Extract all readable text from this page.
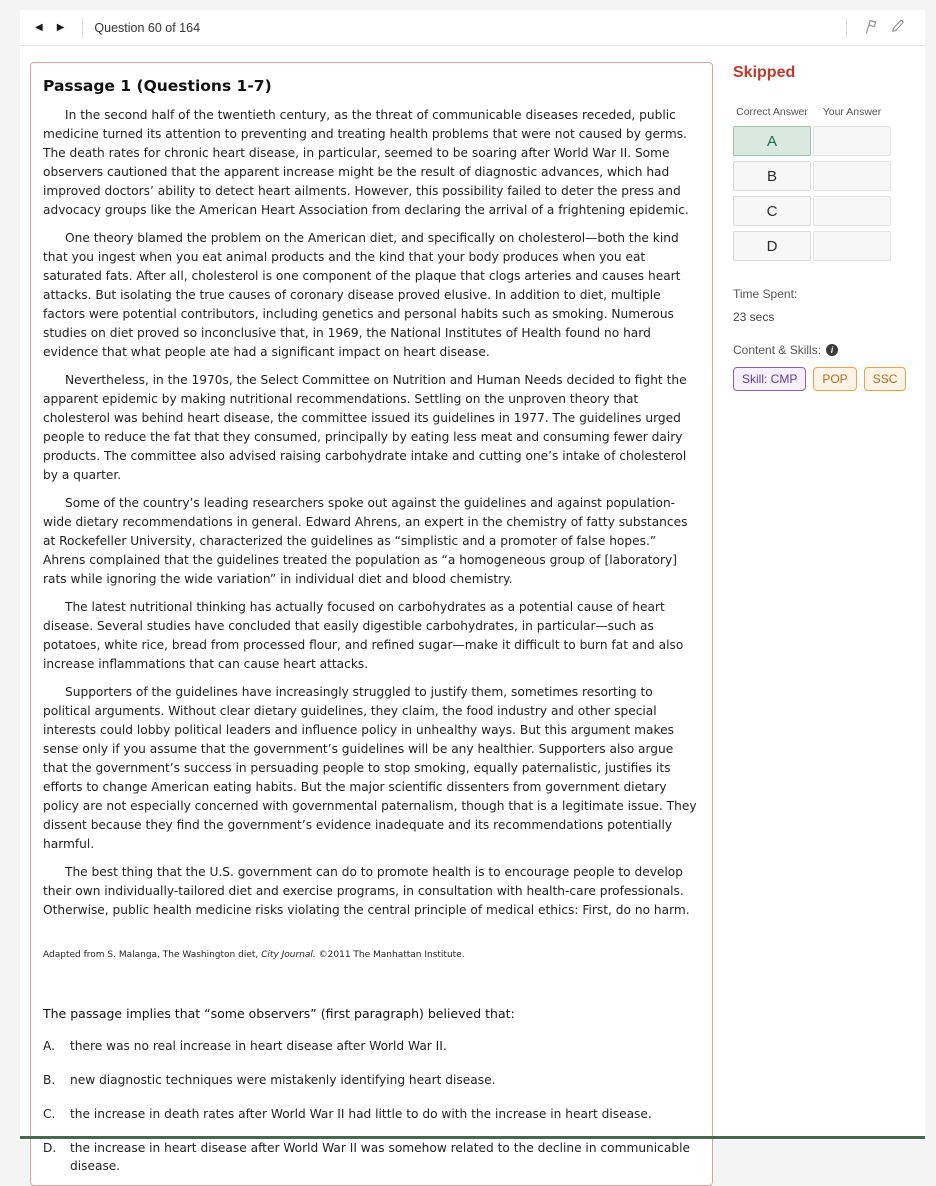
◀	▶	Question 60 of 164
Passage 1 (Questions 1-7)

In the second half of the twentieth century, as the threat of communicable diseases receded, public medicine turned its attention to preventing and treating health problems that were not caused by germs. The death rates for chronic heart disease, in particular, seemed to be soaring after World War II. Some observers cautioned that the apparent increase might be the result of diagnostic advances, which had improved doctors’ ability to detect heart ailments. However, this possibility failed to deter the press and advocacy groups like the American Heart Association from declaring the arrival of a frightening epidemic.

One theory blamed the problem on the American diet, and specifically on cholesterol—both the kind that you ingest when you eat animal products and the kind that your body produces when you eat saturated fats. After all, cholesterol is one component of the plaque that clogs arteries and causes heart attacks. But isolating the true causes of coronary disease proved elusive. In addition to diet, multiple factors were potential contributors, including genetics and personal habits such as smoking. Numerous studies on diet proved so inconclusive that, in 1969, the National Institutes of Health found no hard evidence that what people ate had a significant impact on heart disease.

Nevertheless, in the 1970s, the Select Committee on Nutrition and Human Needs decided to fight the apparent epidemic by making nutritional recommendations. Settling on the unproven theory that cholesterol was behind heart disease, the committee issued its guidelines in 1977. The guidelines urged people to reduce the fat that they consumed, principally by eating less meat and consuming fewer dairy products. The committee also advised raising carbohydrate intake and cutting one’s intake of cholesterol by a quarter.

Some of the country’s leading researchers spoke out against the guidelines and against population-wide dietary recommendations in general. Edward Ahrens, an expert in the chemistry of fatty substances at Rockefeller University, characterized the guidelines as “simplistic and a promoter of false hopes.” Ahrens complained that the guidelines treated the population as “a homogeneous group of [laboratory] rats while ignoring the wide variation” in individual diet and blood chemistry.

The latest nutritional thinking has actually focused on carbohydrates as a potential cause of heart disease. Several studies have concluded that easily digestible carbohydrates, in particular—such as potatoes, white rice, bread from processed flour, and refined sugar—make it difficult to burn fat and also increase inflammations that can cause heart attacks.

Supporters of the guidelines have increasingly struggled to justify them, sometimes resorting to political arguments. Without clear dietary guidelines, they claim, the food industry and other special interests could lobby political leaders and influence policy in unhealthy ways. But this argument makes sense only if you assume that the government’s guidelines will be any healthier. Supporters also argue that the government’s success in persuading people to stop smoking, equally paternalistic, justifies its efforts to change American eating habits. But the major scientific dissenters from government dietary policy are not especially concerned with governmental paternalism, though that is a legitimate issue. They dissent because they find the government’s evidence inadequate and its recommendations potentially harmful.

The best thing that the U.S. government can do to promote health is to encourage people to develop their own individually-tailored diet and exercise programs, in consultation with health-care professionals. Otherwise, public health medicine risks violating the central principle of medical ethics: First, do no harm.

Adapted from S. Malanga, The Washington diet, City Journal. ©2011 The Manhattan Institute.

The passage implies that “some observers” (first paragraph) believed that:

A.	there was no real increase in heart disease after World War II.
B.	new diagnostic techniques were mistakenly identifying heart disease.
C.	the increase in death rates after World War II had little to do with the increase in heart disease.
D.	the increase in heart disease after World War II was somehow related to the decline in communicable disease.
Skipped
Correct Answer	Your Answer
A
B
C
D
Time Spent:
23 secs
Content & Skills:	i
Skill: CMP	POP	SSC
